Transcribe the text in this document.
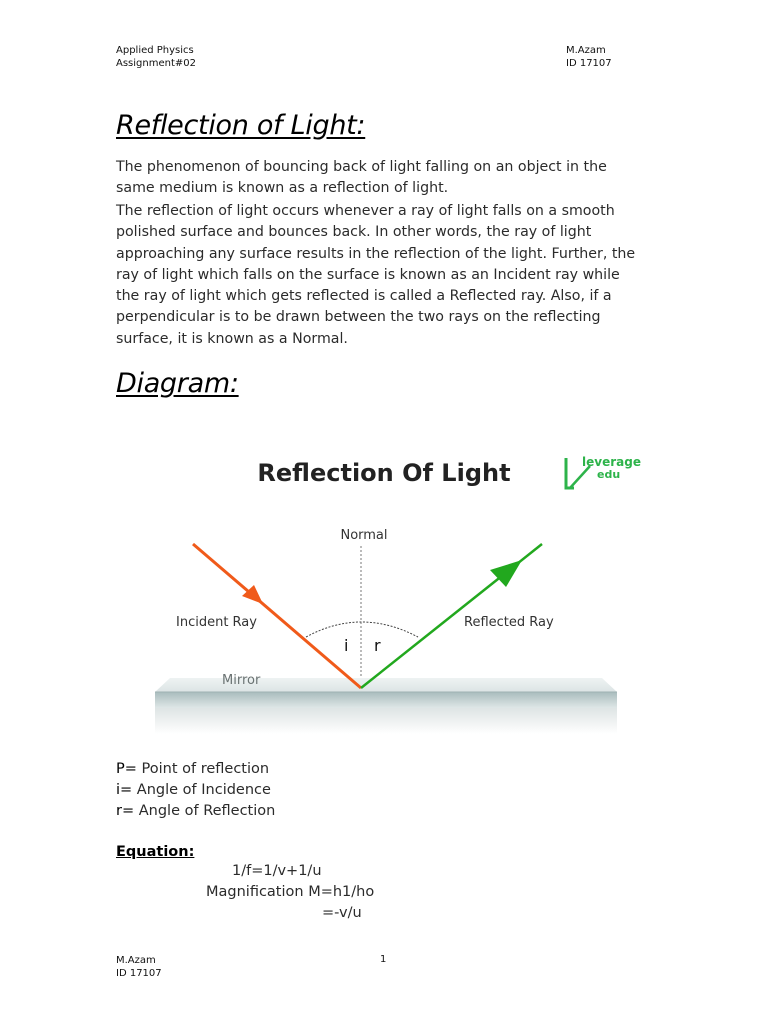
Applied Physics
Assignment#02
M.Azam
ID 17107
Reflection of Light:

The phenomenon of bouncing back of light falling on an object in the same medium is known as a reflection of light.

The reflection of light occurs whenever a ray of light falls on a smooth polished surface and bounces back. In other words, the ray of light approaching any surface results in the reflection of the light. Further, the ray of light which falls on the surface is known as an Incident ray while the ray of light which gets reflected is called a Reflected ray. Also, if a perpendicular is to be drawn between the two rays on the reflecting surface, it is known as a Normal.

Diagram:
Reflection Of Light	leverage
edu
Normal
i r
Mirror
Incident Ray	Reflected Ray
P= Point of reflection
i= Angle of Incidence
r= Angle of Reflection
Equation:
1/f=1/v+1/u
Magnification M=h1/ho
=-v/u
M.Azam
ID 17107
1
